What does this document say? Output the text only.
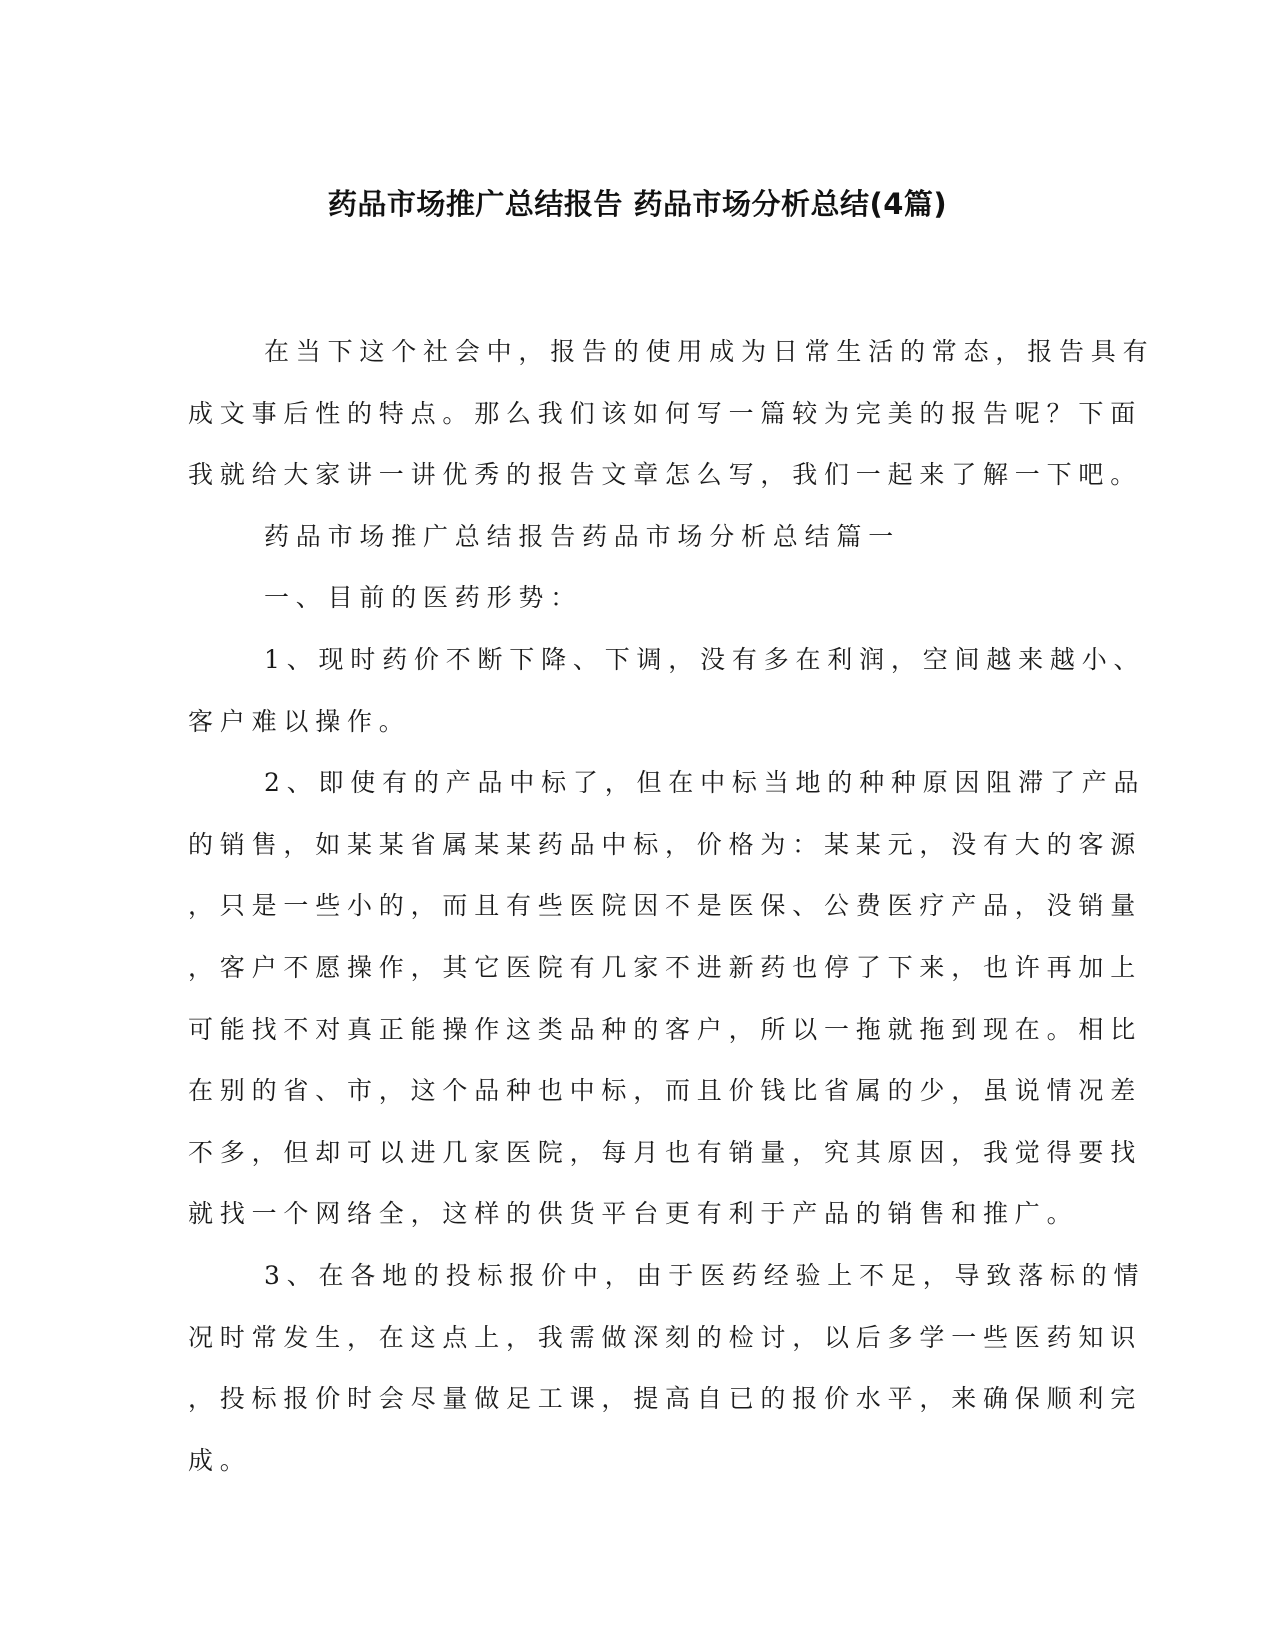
药品市场推广总结报告 药品市场分析总结(4篇)
在当下这个社会中，报告的使用成为日常生活的常态，报告具有
成文事后性的特点。那么我们该如何写一篇较为完美的报告呢？下面
我就给大家讲一讲优秀的报告文章怎么写，我们一起来了解一下吧。
药品市场推广总结报告药品市场分析总结篇一
一、目前的医药形势：
1、现时药价不断下降、下调，没有多在利润，空间越来越小、
客户难以操作。
2、即使有的产品中标了，但在中标当地的种种原因阻滞了产品
的销售，如某某省属某某药品中标，价格为：某某元，没有大的客源
，只是一些小的，而且有些医院因不是医保、公费医疗产品，没销量
，客户不愿操作，其它医院有几家不进新药也停了下来，也许再加上
可能找不对真正能操作这类品种的客户，所以一拖就拖到现在。相比
在别的省、市，这个品种也中标，而且价钱比省属的少，虽说情况差
不多，但却可以进几家医院，每月也有销量，究其原因，我觉得要找
就找一个网络全，这样的供货平台更有利于产品的销售和推广。
3、在各地的投标报价中，由于医药经验上不足，导致落标的情
况时常发生，在这点上，我需做深刻的检讨，以后多学一些医药知识
，投标报价时会尽量做足工课，提高自已的报价水平，来确保顺利完
成。
